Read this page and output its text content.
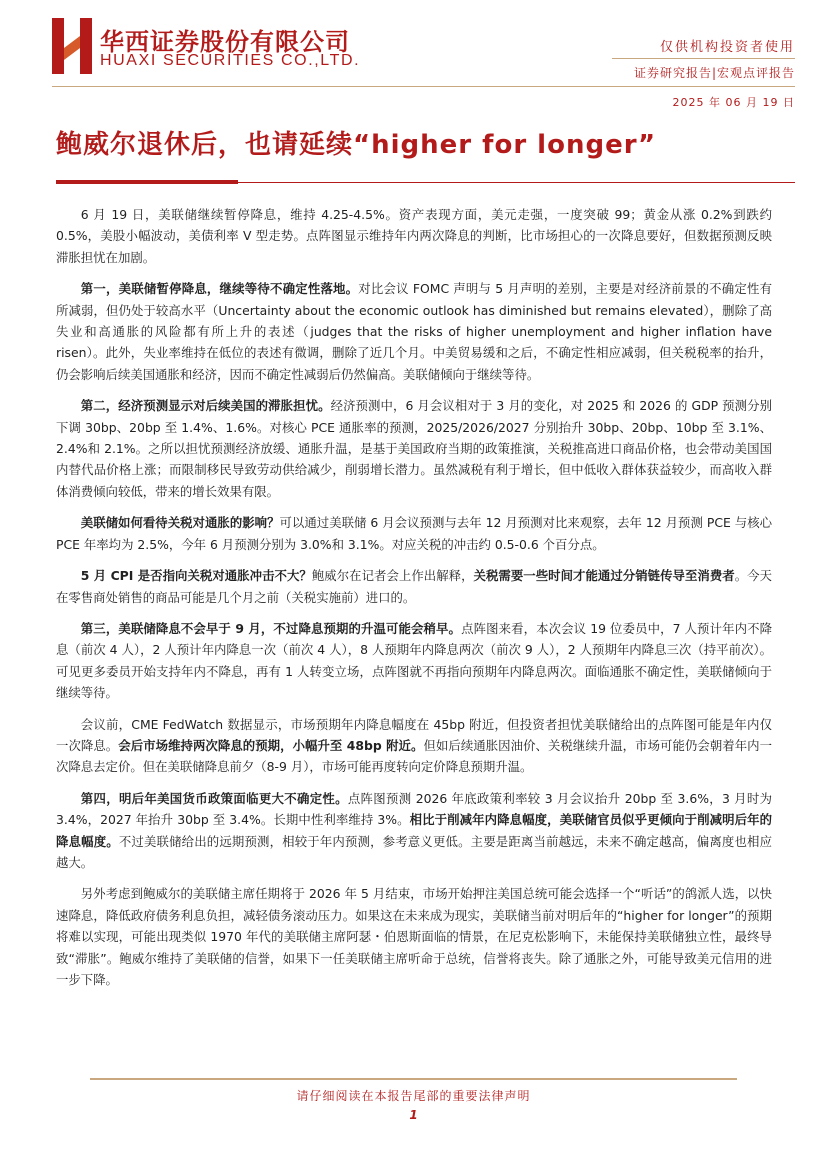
华西证券股份有限公司
HUAXI SECURITIES CO.,LTD.
仅供机构投资者使用
证券研究报告|宏观点评报告
2025 年 06 月 19 日
鲍威尔退休后，也请延续“higher for longer”

6 月 19 日，美联储继续暂停降息，维持 4.25-4.5%。资产表现方面，美元走强，一度突破 99；黄金从涨 0.2%到跌约 0.5%，美股小幅波动，美债利率 V 型走势。点阵图显示维持年内两次降息的判断，比市场担心的一次降息要好，但数据预测反映滞胀担忧在加剧。

第一，美联储暂停降息，继续等待不确定性落地。对比会议 FOMC 声明与 5 月声明的差别，主要是对经济前景的不确定性有所减弱，但仍处于较高水平（Uncertainty about the economic outlook has diminished but remains elevated），删除了高失业和高通胀的风险都有所上升的表述（judges that the risks of higher unemployment and higher inflation have risen）。此外，失业率维持在低位的表述有微调，删除了近几个月。中美贸易缓和之后，不确定性相应减弱，但关税税率的抬升，仍会影响后续美国通胀和经济，因而不确定性减弱后仍然偏高。美联储倾向于继续等待。

第二，经济预测显示对后续美国的滞胀担忧。经济预测中，6 月会议相对于 3 月的变化，对 2025 和 2026 的 GDP 预测分别下调 30bp、20bp 至 1.4%、1.6%。对核心 PCE 通胀率的预测，2025/2026/2027 分别抬升 30bp、20bp、10bp 至 3.1%、2.4%和 2.1%。之所以担忧预测经济放缓、通胀升温，是基于美国政府当期的政策推演，关税推高进口商品价格，也会带动美国国内替代品价格上涨；而限制移民导致劳动供给减少，削弱增长潜力。虽然减税有利于增长，但中低收入群体获益较少，而高收入群体消费倾向较低，带来的增长效果有限。

美联储如何看待关税对通胀的影响？可以通过美联储 6 月会议预测与去年 12 月预测对比来观察，去年 12 月预测 PCE 与核心 PCE 年率均为 2.5%，今年 6 月预测分别为 3.0%和 3.1%。对应关税的冲击约 0.5-0.6 个百分点。

5 月 CPI 是否指向关税对通胀冲击不大？鲍威尔在记者会上作出解释，关税需要一些时间才能通过分销链传导至消费者。今天在零售商处销售的商品可能是几个月之前（关税实施前）进口的。

第三，美联储降息不会早于 9 月，不过降息预期的升温可能会稍早。点阵图来看，本次会议 19 位委员中，7 人预计年内不降息（前次 4 人），2 人预计年内降息一次（前次 4 人），8 人预期年内降息两次（前次 9 人），2 人预期年内降息三次（持平前次）。可见更多委员开始支持年内不降息，再有 1 人转变立场，点阵图就不再指向预期年内降息两次。面临通胀不确定性，美联储倾向于继续等待。

会议前，CME FedWatch 数据显示，市场预期年内降息幅度在 45bp 附近，但投资者担忧美联储给出的点阵图可能是年内仅一次降息。会后市场维持两次降息的预期，小幅升至 48bp 附近。但如后续通胀因油价、关税继续升温，市场可能仍会朝着年内一次降息去定价。但在美联储降息前夕（8-9 月），市场可能再度转向定价降息预期升温。

第四，明后年美国货币政策面临更大不确定性。点阵图预测 2026 年底政策利率较 3 月会议抬升 20bp 至 3.6%，3 月时为 3.4%，2027 年抬升 30bp 至 3.4%。长期中性利率维持 3%。相比于削减年内降息幅度，美联储官员似乎更倾向于削减明后年的降息幅度。不过美联储给出的远期预测，相较于年内预测，参考意义更低。主要是距离当前越远，未来不确定越高，偏离度也相应越大。

另外考虑到鲍威尔的美联储主席任期将于 2026 年 5 月结束，市场开始押注美国总统可能会选择一个“听话”的鸽派人选，以快速降息，降低政府债务利息负担，减轻债务滚动压力。如果这在未来成为现实，美联储当前对明后年的“higher for longer”的预期将难以实现，可能出现类似 1970 年代的美联储主席阿瑟・伯恩斯面临的情景，在尼克松影响下，未能保持美联储独立性，最终导致“滞胀”。鲍威尔维持了美联储的信誉，如果下一任美联储主席听命于总统，信誉将丧失。除了通胀之外，可能导致美元信用的进一步下降。

请仔细阅读在本报告尾部的重要法律声明
1
